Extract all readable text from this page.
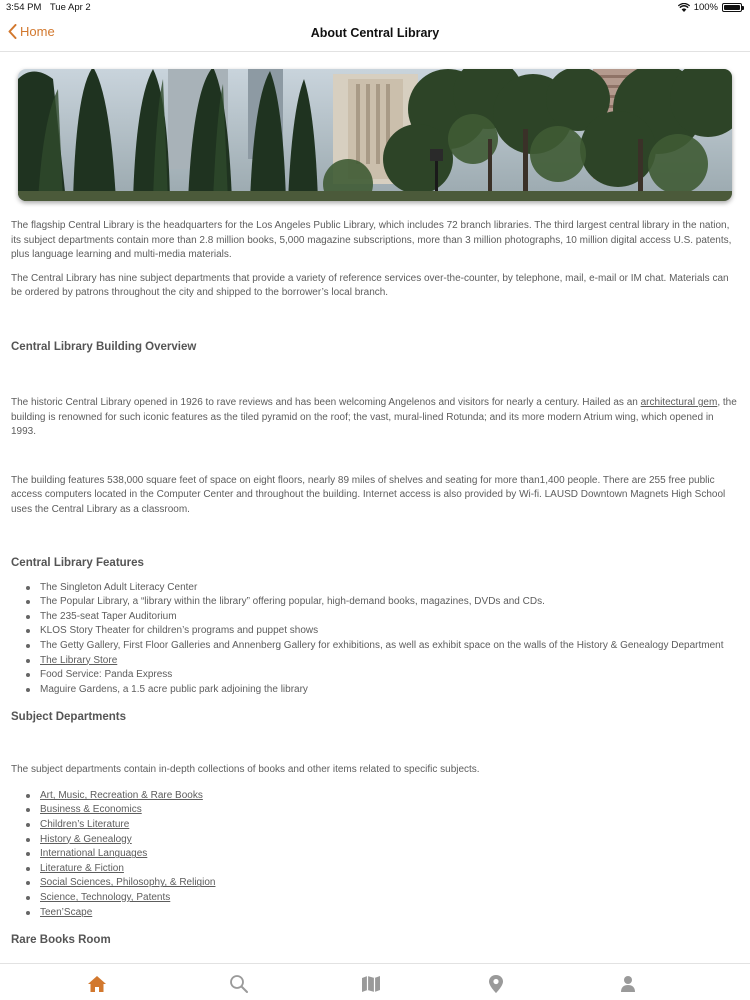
3:54 PM Tue Apr 2	100%
Home	About Central Library

The flagship Central Library is the headquarters for the Los Angeles Public Library, which includes 72 branch libraries. The third largest central library in the nation, its subject departments contain more than 2.8 million books, 5,000 magazine subscriptions, more than 3 million photographs, 10 million digital access U.S. patents, plus language learning and multi-media materials.

The Central Library has nine subject departments that provide a variety of reference services over-the-counter, by telephone, mail, e-mail or IM chat. Materials can be ordered by patrons throughout the city and shipped to the borrower’s local branch.

Central Library Building Overview

The historic Central Library opened in 1926 to rave reviews and has been welcoming Angelenos and visitors for nearly a century. Hailed as an architectural gem, the building is renowned for such iconic features as the tiled pyramid on the roof; the vast, mural-lined Rotunda; and its more modern Atrium wing, which opened in 1993.

The building features 538,000 square feet of space on eight floors, nearly 89 miles of shelves and seating for more than1,400 people. There are 255 free public access computers located in the Computer Center and throughout the building. Internet access is also provided by Wi-fi. LAUSD Downtown Magnets High School uses the Central Library as a classroom.

Central Library Features
The Singleton Adult Literacy Center
The Popular Library, a “library within the library” offering popular, high-demand books, magazines, DVDs and CDs.
The 235-seat Taper Auditorium
KLOS Story Theater for children’s programs and puppet shows
The Getty Gallery, First Floor Galleries and Annenberg Gallery for exhibitions, as well as exhibit space on the walls of the History & Genealogy Department
The Library Store
Food Service: Panda Express
Maguire Gardens, a 1.5 acre public park adjoining the library
Subject Departments

The subject departments contain in-depth collections of books and other items related to specific subjects.

Art, Music, Recreation & Rare Books
Business & Economics
Children’s Literature
History & Genealogy
International Languages
Literature & Fiction
Social Sciences, Philosophy, & Religion
Science, Technology, Patents
Teen’Scape
Rare Books Room
